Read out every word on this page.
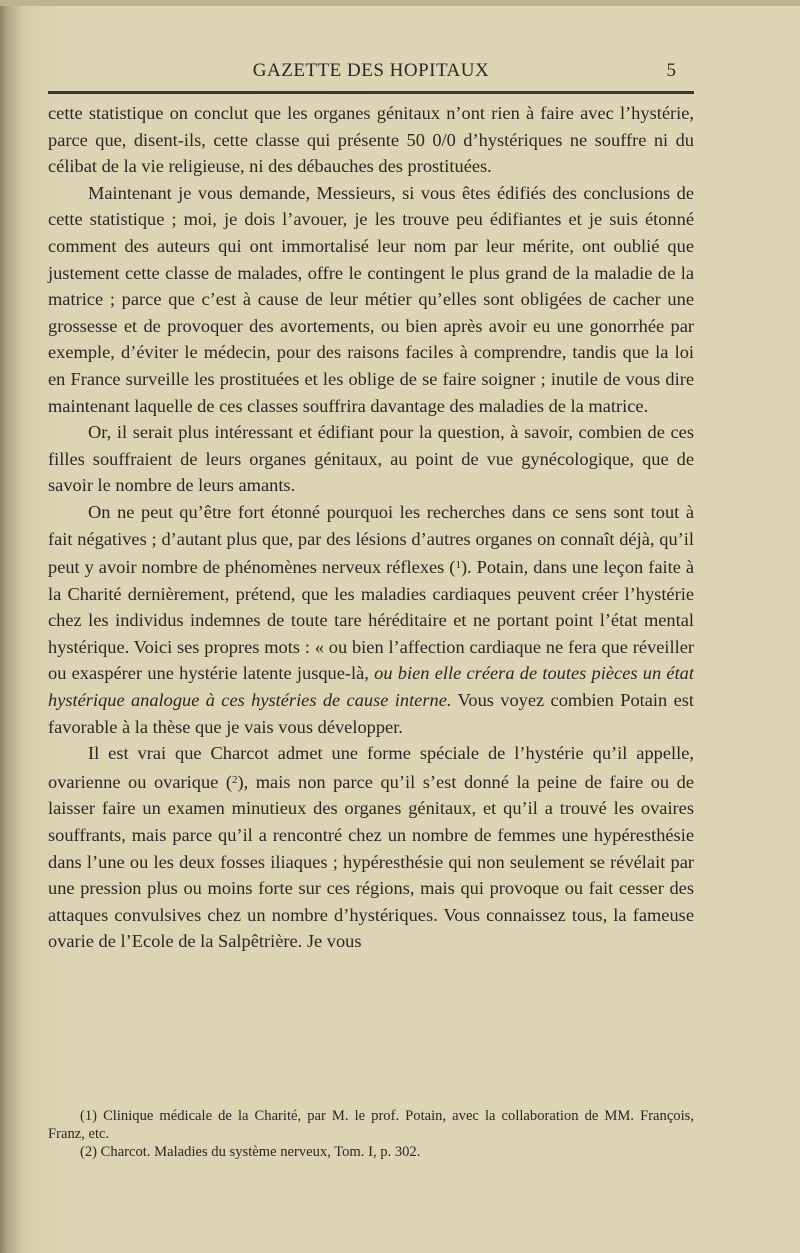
GAZETTE DES HOPITAUX	5

cette statistique on conclut que les organes génitaux n’ont rien à faire avec l’hystérie, parce que, disent-ils, cette classe qui présente 50 0/0 d’hystériques ne souffre ni du célibat de la vie religieuse, ni des débauches des prostituées.

Maintenant je vous demande, Messieurs, si vous êtes édifiés des conclusions de cette statistique ; moi, je dois l’avouer, je les trouve peu édifiantes et je suis étonné comment des auteurs qui ont immortalisé leur nom par leur mérite, ont oublié que justement cette classe de malades, offre le contingent le plus grand de la maladie de la matrice ; parce que c’est à cause de leur métier qu’elles sont obligées de cacher une grossesse et de provoquer des avortements, ou bien après avoir eu une gonorrhée par exemple, d’éviter le médecin, pour des raisons faciles à comprendre, tandis que la loi en France surveille les prostituées et les oblige de se faire soigner ; inutile de vous dire maintenant laquelle de ces classes souffrira davantage des maladies de la matrice.

Or, il serait plus intéressant et édifiant pour la question, à savoir, combien de ces filles souffraient de leurs organes génitaux, au point de vue gynécologique, que de savoir le nombre de leurs amants.

On ne peut qu’être fort étonné pourquoi les recherches dans ce sens sont tout à fait négatives ; d’autant plus que, par des lésions d’autres organes on connaît déjà, qu’il peut y avoir nombre de phénomènes nerveux réflexes ($^1$). Potain, dans une leçon faite à la Charité dernièrement, prétend, que les maladies cardiaques peuvent créer l’hystérie chez les individus indemnes de toute tare héréditaire et ne portant point l’état mental hystérique. Voici ses propres mots : « ou bien l’affection cardiaque ne fera que réveiller ou exaspérer une hystérie latente jusque-là, ou bien elle créera de toutes pièces un état hystérique analogue à ces hystéries de cause interne. Vous voyez combien Potain est favorable à la thèse que je vais vous développer.

Il est vrai que Charcot admet une forme spéciale de l’hystérie qu’il appelle, ovarienne ou ovarique ($^2$), mais non parce qu’il s’est donné la peine de faire ou de laisser faire un examen minutieux des organes génitaux, et qu’il a trouvé les ovaires souffrants, mais parce qu’il a rencontré chez un nombre de femmes une hypéresthésie dans l’une ou les deux fosses iliaques ; hypéresthésie qui non seulement se révélait par une pression plus ou moins forte sur ces régions, mais qui provoque ou fait cesser des attaques convulsives chez un nombre d’hystériques. Vous connaissez tous, la fameuse ovarie de l’Ecole de la Salpêtrière. Je vous

(1) Clinique médicale de la Charité, par M. le prof. Potain, avec la collaboration de MM. François, Franz, etc.

(2) Charcot. Maladies du système nerveux, Tom. I, p. 302.
